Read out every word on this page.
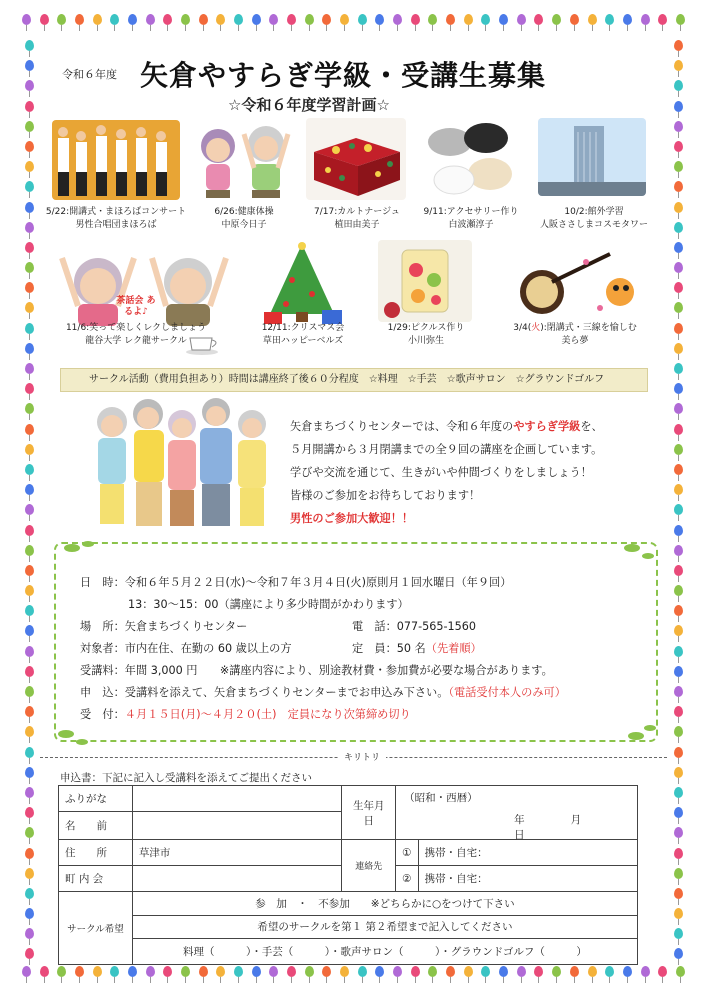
令和６年度 矢倉やすらぎ学級・受講生募集
☆令和６年度学習計画☆
5/22:開講式・まほろばコンサート
男性合唱団まほろば
6/26:健康体操
中原今日子
7/17:カルトナージュ
植田由美子
9/11:アクセサリー作り
白波瀬淳子
10/2:館外学習
人阪ささしまコスモタワー
茶話会 あるよ♪
11/6:笑って楽しくレクしましょう
龍谷大学 レク龍サークル
12/11:クリスマス会
草田ハッピーベルズ
1/29:ピクルス作り
小川弥生
3/4(火):閉講式・三線を愉しむ
美ら夢
サークル活動（費用負担あり）時間は講座終了後６０分程度　☆料理　☆手芸　☆歌声サロン　☆グラウンドゴルフ
矢倉まちづくりセンターでは、令和６年度のやすらぎ学級を、
５月開講から３月閉講までの全９回の講座を企画しています。
学びや交流を通じて、生きがいや仲間づくりをしましょう！
皆様のご参加をお待ちしております！
男性のご参加大歓迎！！
日　時：令和６年５月２２日(水)～令和７年３月４日(火)原則月１回水曜日（年９回）
13：30～15：00（講座により多少時間がかわります）
場　所：矢倉まちづくりセンター	電　話：077-565-1560
対象者：市内在住、在勤の 60 歳以上の方	定　員：50 名（先着順）
受講料：年間 3,000 円　　※講座内容により、別途教材費・参加費が必要な場合があります。
申　込：受講料を添えて、矢倉まちづくりセンターまでお申込み下さい。（電話受付本人のみ可）
受　付：４月１５日(月)～４月２０(土)　定員になり次第締め切り
キリトリ
申込書：下記に記入し受講料を添えてご提出ください
ふりがな		生年月日	（昭和・西暦）
年 月日	

名　　前				
住　　所	草津市	連絡先	①	携帯・自宅：
町 内 会			②	携帯・自宅：
サークル希望	参　加　・　不参加　　※どちらかに○をつけて下さい			
	希望のサークルを第１ 第２希望まで記入してください			
	料理（　　　）・手芸（　　　）・歌声サロン（　　　）・グラウンドゴルフ（　　　）			
